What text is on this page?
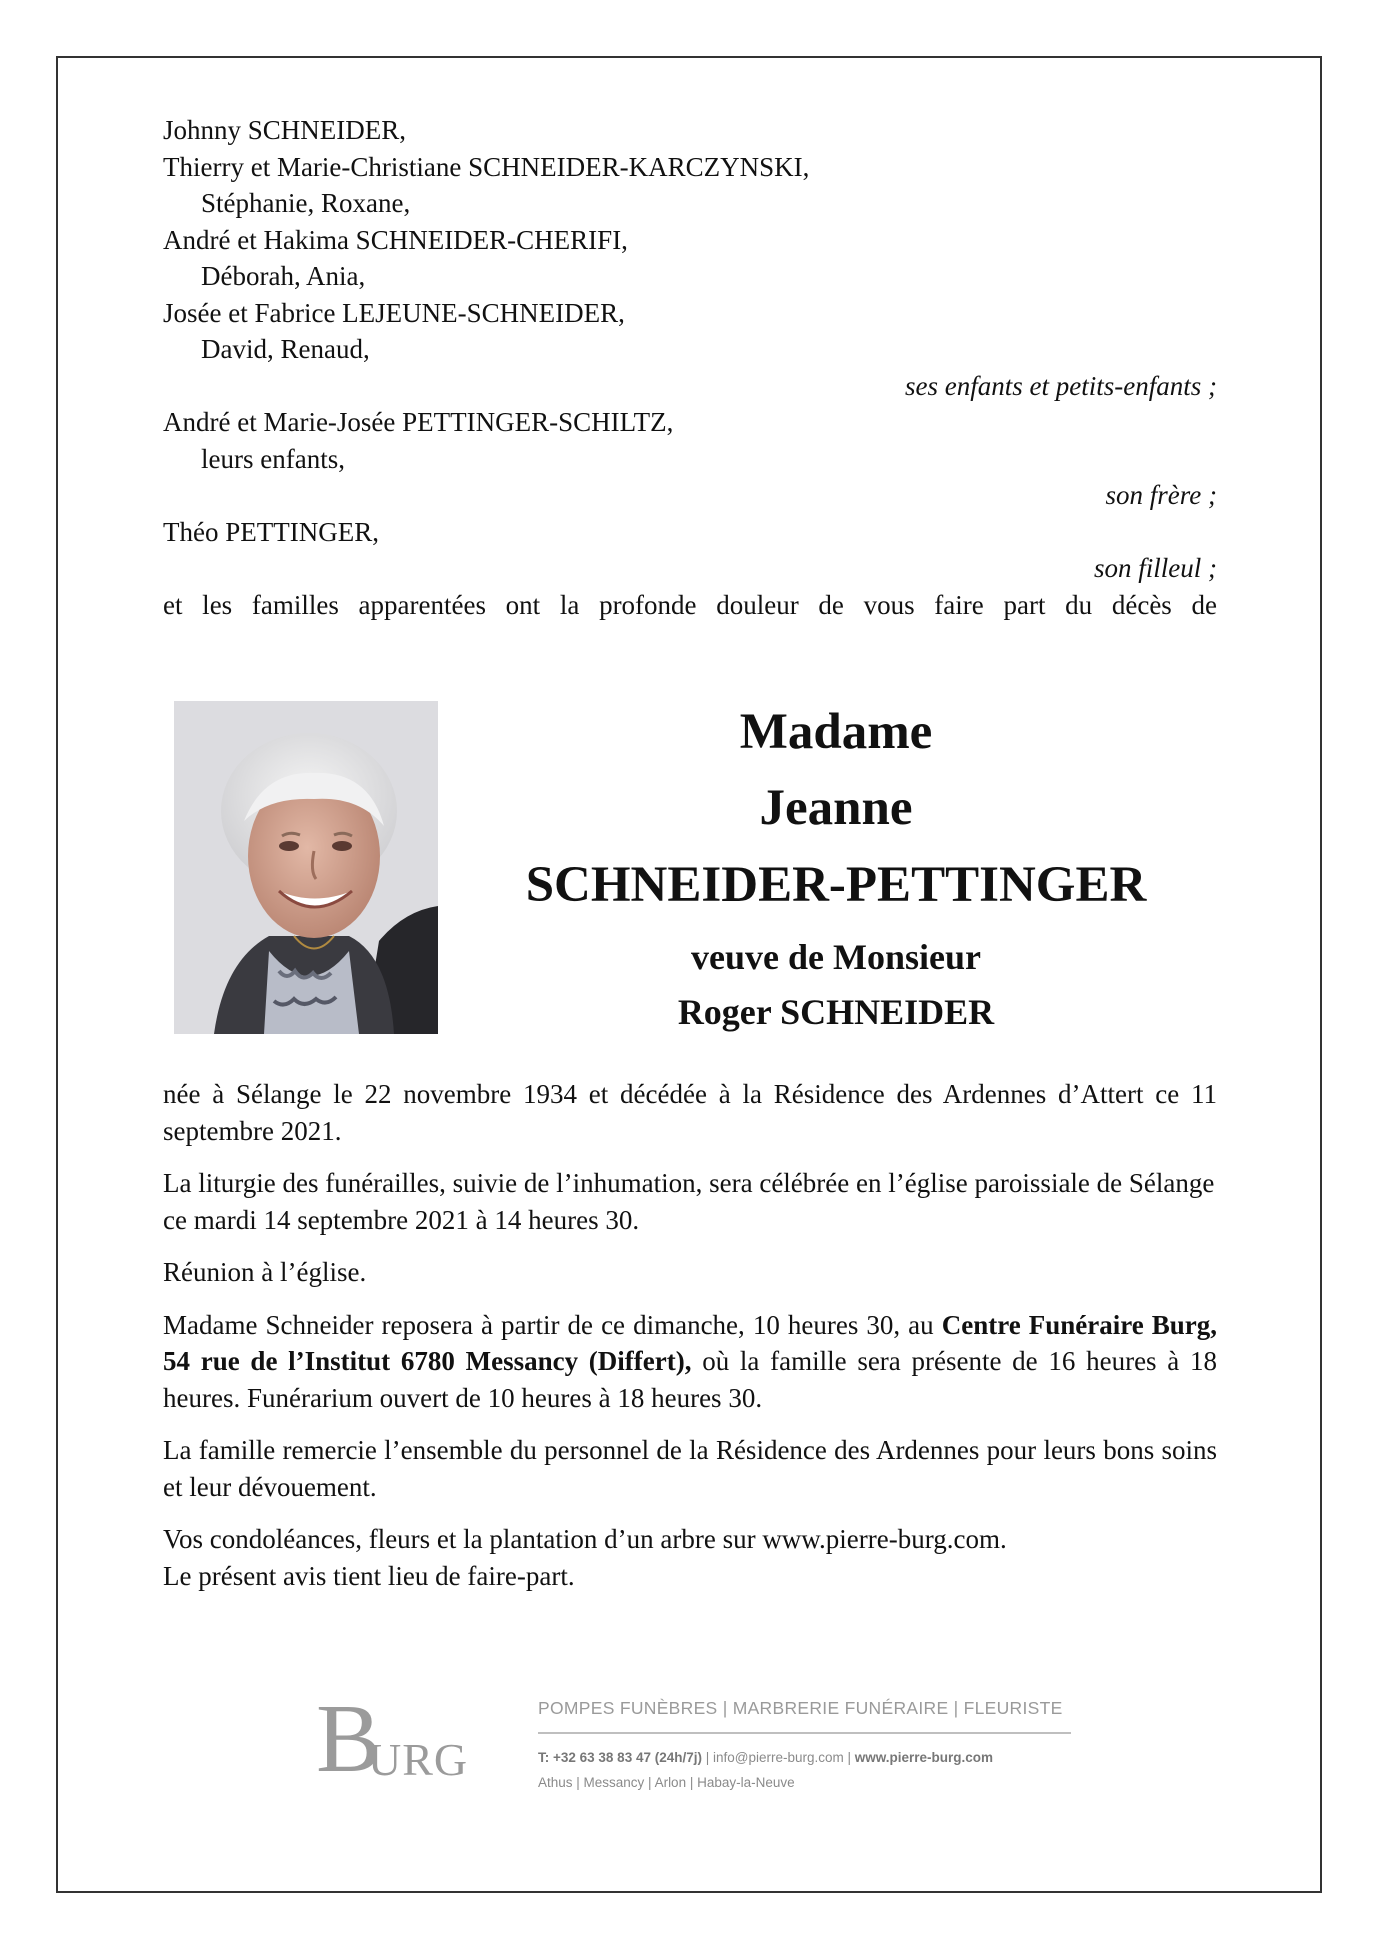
Johnny SCHNEIDER,
Thierry et Marie-Christiane SCHNEIDER-KARCZYNSKI,
Stéphanie, Roxane,
André et Hakima SCHNEIDER-CHERIFI,
Déborah, Ania,
Josée et Fabrice LEJEUNE-SCHNEIDER,
David, Renaud,
ses enfants et petits-enfants ;
André et Marie-Josée PETTINGER-SCHILTZ,
leurs enfants,
son frère ;
Théo PETTINGER,
son filleul ;
et les familles apparentées ont la profonde douleur de vous faire part du décès de
Madame
Jeanne
SCHNEIDER-PETTINGER
veuve de Monsieur
Roger SCHNEIDER

née à Sélange le 22 novembre 1934 et décédée à la Résidence des Ardennes d’Attert ce 11 septembre 2021.

La liturgie des funérailles, suivie de l’inhumation, sera célébrée en l’église paroissiale de Sélange ce mardi 14 septembre 2021 à 14 heures 30.

Réunion à l’église.

Madame Schneider reposera à partir de ce dimanche, 10 heures 30, au Centre Funéraire Burg, 54 rue de l’Institut 6780 Messancy (Differt), où la famille sera présente de 16 heures à 18 heures. Funérarium ouvert de 10 heures à 18 heures 30.

La famille remercie l’ensemble du personnel de la Résidence des Ardennes pour leurs bons soins et leur dévouement.

Vos condoléances, fleurs et la plantation d’un arbre sur www.pierre-burg.com.
Le présent avis tient lieu de faire-part.
B
URG
POMPES FUNÈBRES | MARBRERIE FUNÉRAIRE | FLEURISTE
T: +32 63 38 83 47 (24h/7j) | info@pierre-burg.com | www.pierre-burg.com
Athus | Messancy | Arlon | Habay-la-Neuve
